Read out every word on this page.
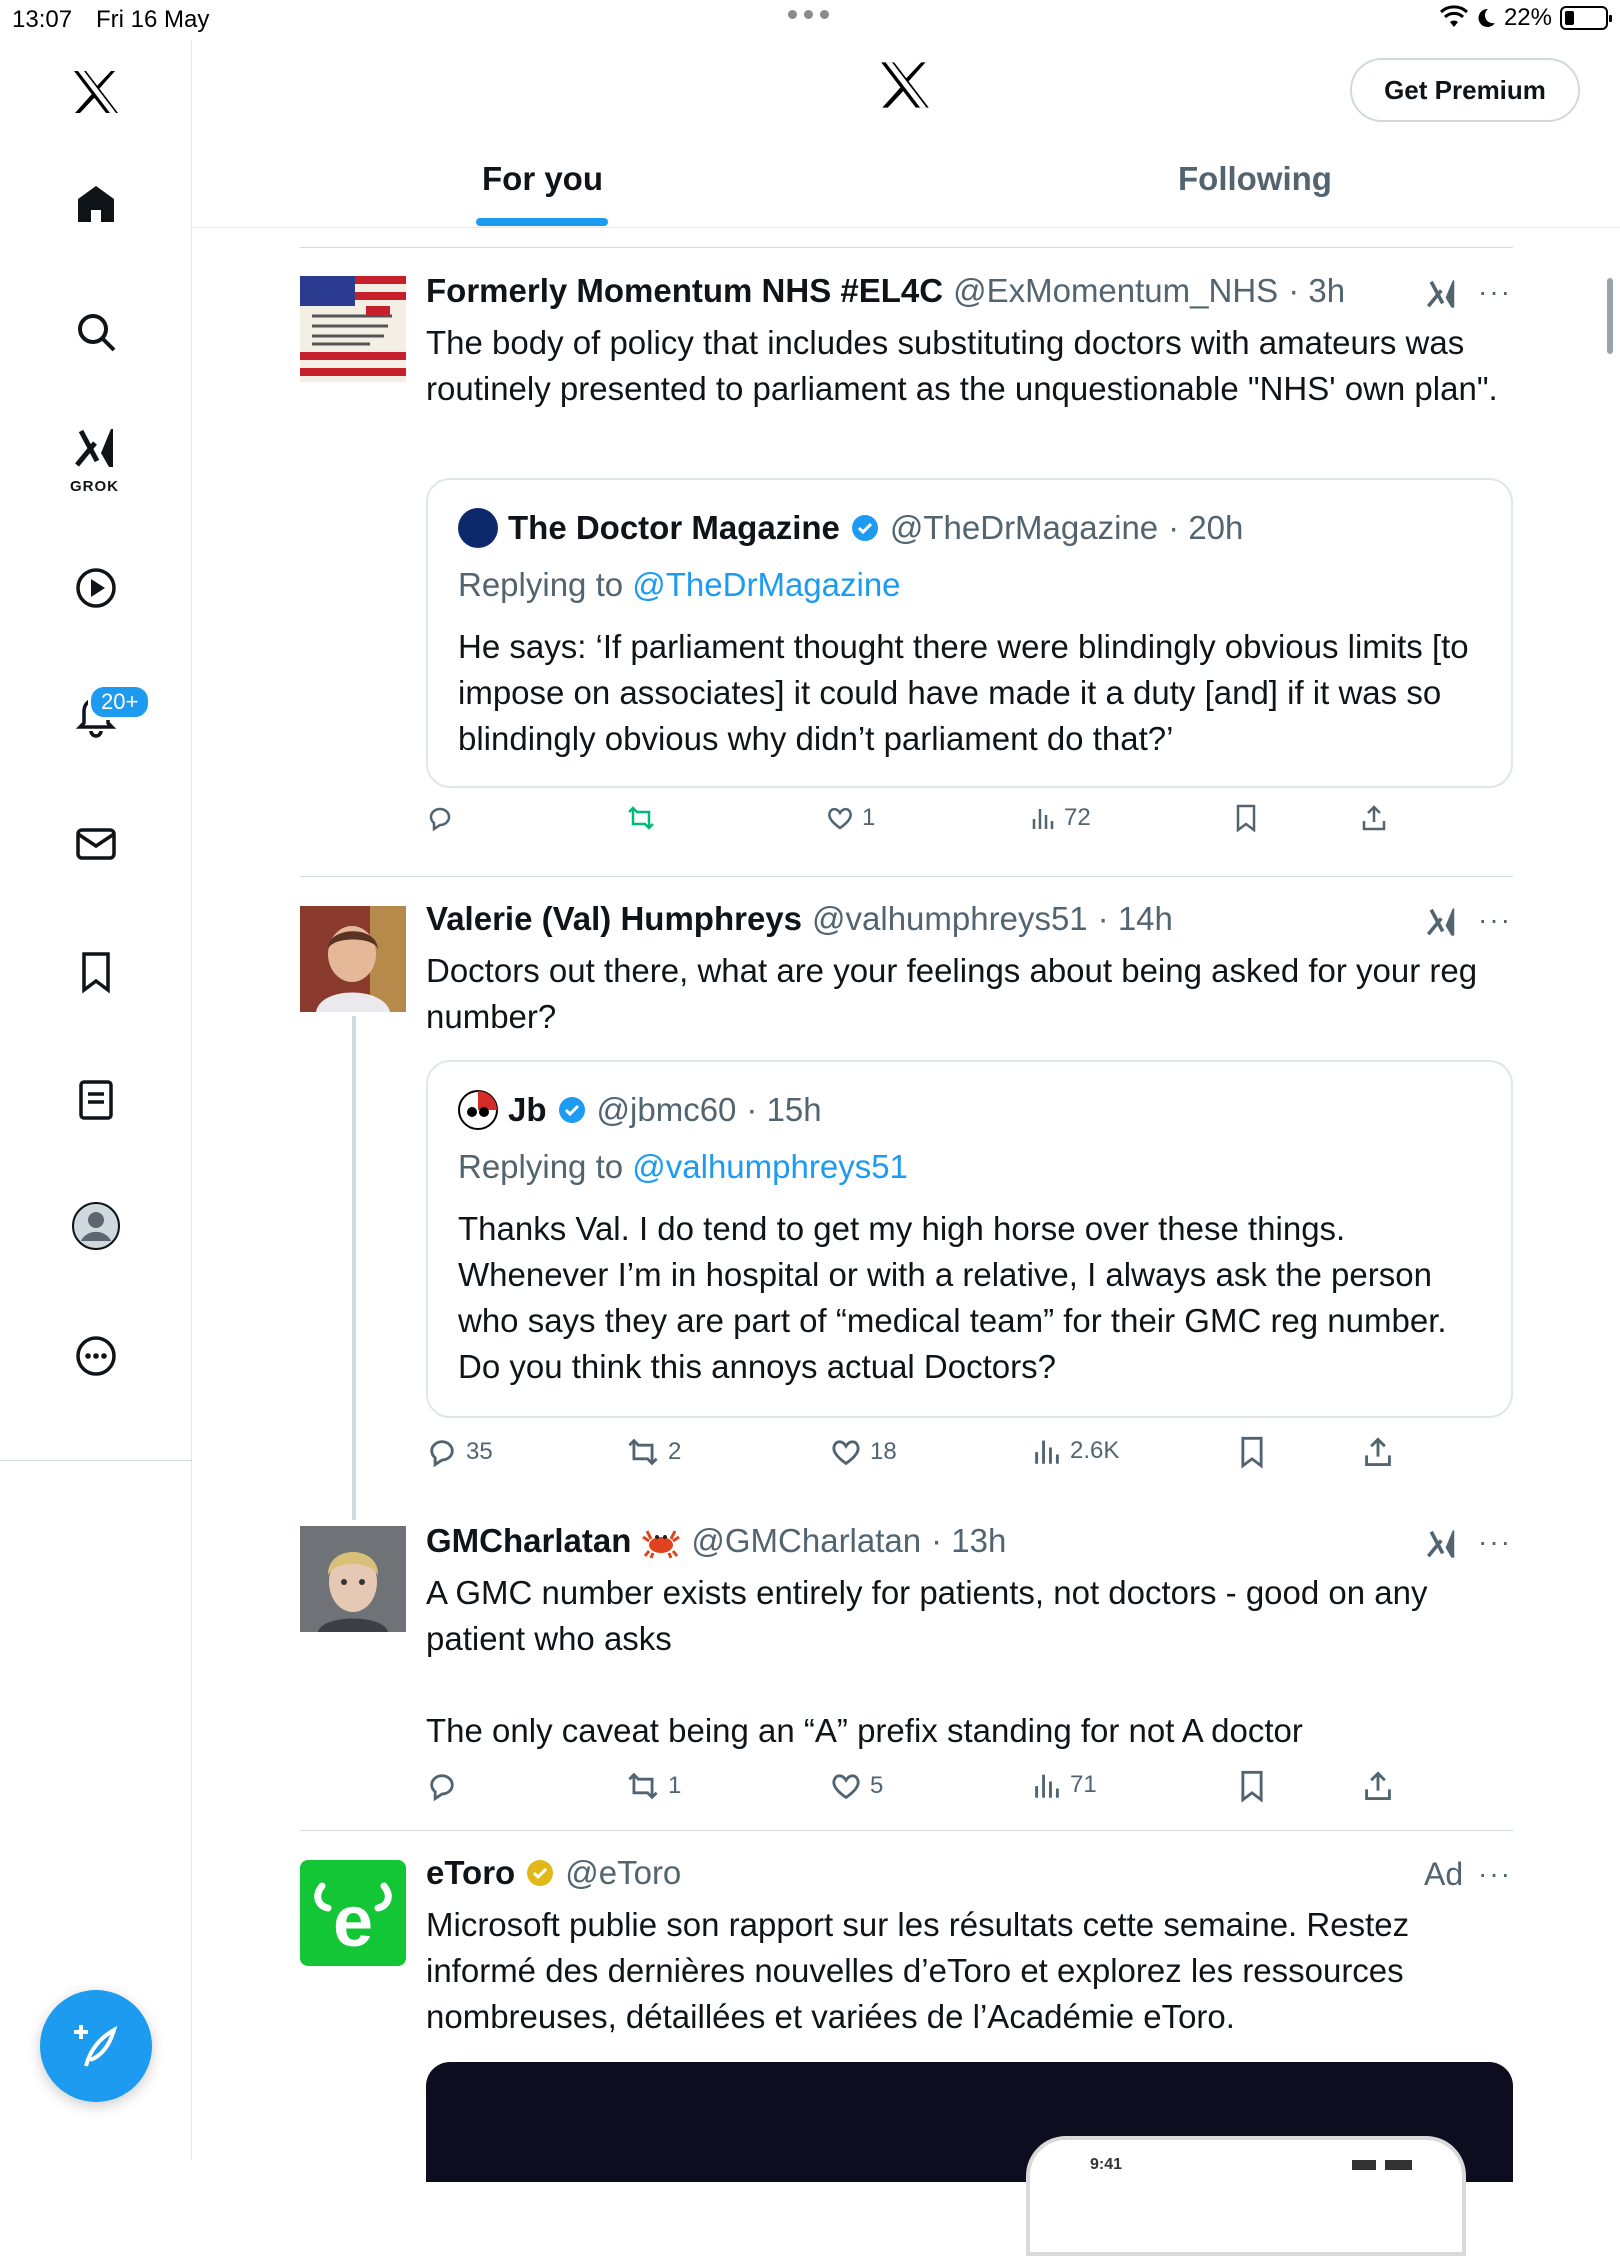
13:07 Fri 16 May	22%
GROK
20+
Get Premium
For you	Following
Formerly Momentum NHS #EL4C @ExMomentum_NHS · 3h	···
The body of policy that includes substituting doctors with amateurs was routinely presented to parliament as the unquestionable "NHS' own plan".
The Doctor Magazine @TheDrMagazine · 20h
Replying to @TheDrMagazine
He says: ‘If parliament thought there were blindingly obvious limits [to impose on associates] it could have made it a duty [and] if it was so blindingly obvious why didn’t parliament do that?’
1	72
Valerie (Val) Humphreys @valhumphreys51 · 14h	···
Doctors out there, what are your feelings about being asked for your reg number?
Jb @jbmc60 · 15h
Replying to @valhumphreys51
Thanks Val. I do tend to get my high horse over these things. Whenever I’m in hospital or with a relative, I always ask the person who says they are part of “medical team” for their GMC reg number. Do you think this annoys actual Doctors?
35	2	18	2.6K
GMCharlatan @GMCharlatan · 13h	···
A GMC number exists entirely for patients, not doctors - good on any patient who asks
The only caveat being an “A” prefix standing for not A doctor
1	5	71
e
eToro @eToro	Ad ···
Microsoft publie son rapport sur les résultats cette semaine. Restez informé des dernières nouvelles d’eToro et explorez les ressources nombreuses, détaillées et variées de l’Académie eToro.
9:41
